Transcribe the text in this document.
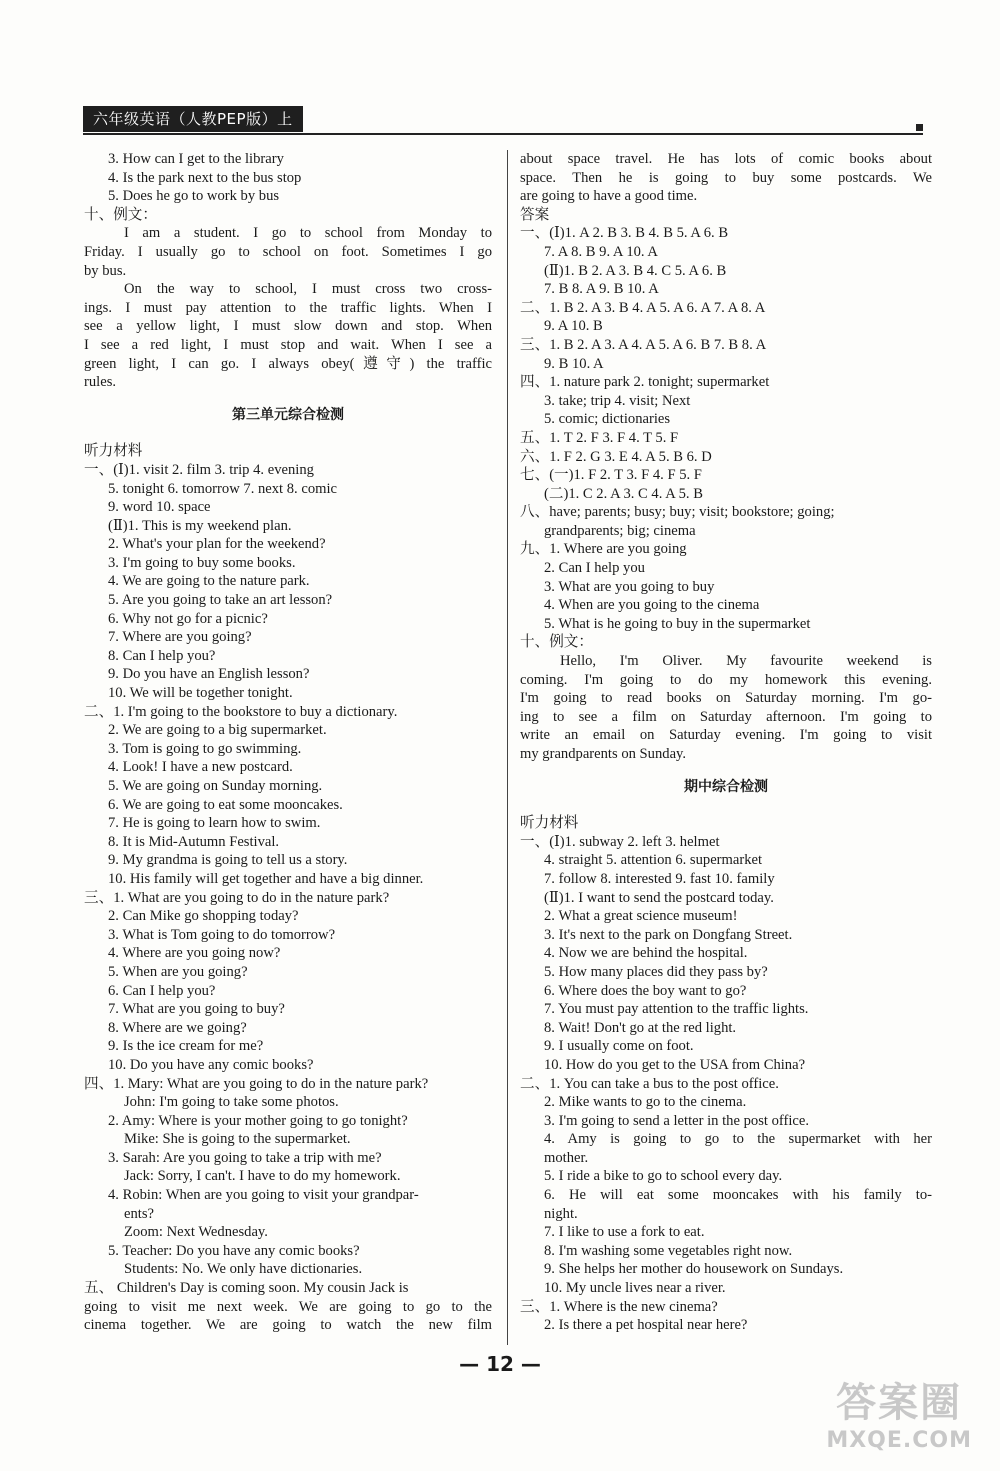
六年级英语（人教PEP版）上
3. How can I get to the library
4. Is the park next to the bus stop
5. Does he go to work by bus
十、例文：
I am a student. I go to school from Monday to
Friday. I usually go to school on foot. Sometimes I go
by bus.
On the way to school, I must cross two cross-
ings. I must pay attention to the traffic lights. When I
see a yellow light, I must slow down and stop. When
I see a red light, I must stop and wait. When I see a
green light, I can go. I always obey(遵守) the traffic
rules.
第三单元综合检测
听力材料
一、(Ⅰ)1. visit 2. film 3. trip 4. evening
5. tonight 6. tomorrow 7. next 8. comic
9. word 10. space
(Ⅱ)1. This is my weekend plan.
2. What's your plan for the weekend?
3. I'm going to buy some books.
4. We are going to the nature park.
5. Are you going to take an art lesson?
6. Why not go for a picnic?
7. Where are you going?
8. Can I help you?
9. Do you have an English lesson?
10. We will be together tonight.
二、1. I'm going to the bookstore to buy a dictionary.
2. We are going to a big supermarket.
3. Tom is going to go swimming.
4. Look! I have a new postcard.
5. We are going on Sunday morning.
6. We are going to eat some mooncakes.
7. He is going to learn how to swim.
8. It is Mid-Autumn Festival.
9. My grandma is going to tell us a story.
10. His family will get together and have a big dinner.
三、1. What are you going to do in the nature park?
2. Can Mike go shopping today?
3. What is Tom going to do tomorrow?
4. Where are you going now?
5. When are you going?
6. Can I help you?
7. What are you going to buy?
8. Where are we going?
9. Is the ice cream for me?
10. Do you have any comic books?
四、1. Mary: What are you going to do in the nature park?
John: I'm going to take some photos.
2. Amy: Where is your mother going to go tonight?
Mike: She is going to the supermarket.
3. Sarah: Are you going to take a trip with me?
Jack: Sorry, I can't. I have to do my homework.
4. Robin: When are you going to visit your grandpar-
ents?
Zoom: Next Wednesday.
5. Teacher: Do you have any comic books?
Students: No. We only have dictionaries.
五、 Children's Day is coming soon. My cousin Jack is
going to visit me next week. We are going to go to the
cinema together. We are going to watch the new film
about space travel. He has lots of comic books about
space. Then he is going to buy some postcards. We
are going to have a good time.
答案
一、(Ⅰ)1. A 2. B 3. B 4. B 5. A 6. B
7. A 8. B 9. A 10. A
(Ⅱ)1. B 2. A 3. B 4. C 5. A 6. B
7. B 8. A 9. B 10. A
二、1. B 2. A 3. B 4. A 5. A 6. A 7. A 8. A
9. A 10. B
三、1. B 2. A 3. A 4. A 5. A 6. B 7. B 8. A
9. B 10. A
四、1. nature park 2. tonight; supermarket
3. take; trip 4. visit; Next
5. comic; dictionaries
五、1. T 2. F 3. F 4. T 5. F
六、1. F 2. G 3. E 4. A 5. B 6. D
七、(一)1. F 2. T 3. F 4. F 5. F
(二)1. C 2. A 3. C 4. A 5. B
八、have; parents; busy; buy; visit; bookstore; going;
grandparents; big; cinema
九、1. Where are you going
2. Can I help you
3. What are you going to buy
4. When are you going to the cinema
5. What is he going to buy in the supermarket
十、例文：
Hello, I'm Oliver. My favourite weekend is
coming. I'm going to do my homework this evening.
I'm going to read books on Saturday morning. I'm go-
ing to see a film on Saturday afternoon. I'm going to
write an email on Saturday evening. I'm going to visit
my grandparents on Sunday.
期中综合检测
听力材料
一、(Ⅰ)1. subway 2. left 3. helmet
4. straight 5. attention 6. supermarket
7. follow 8. interested 9. fast 10. family
(Ⅱ)1. I want to send the postcard today.
2. What a great science museum!
3. It's next to the park on Dongfang Street.
4. Now we are behind the hospital.
5. How many places did they pass by?
6. Where does the boy want to go?
7. You must pay attention to the traffic lights.
8. Wait! Don't go at the red light.
9. I usually come on foot.
10. How do you get to the USA from China?
二、1. You can take a bus to the post office.
2. Mike wants to go to the cinema.
3. I'm going to send a letter in the post office.
4. Amy is going to go to the supermarket with her
mother.
5. I ride a bike to go to school every day.
6. He will eat some mooncakes with his family to-
night.
7. I like to use a fork to eat.
8. I'm washing some vegetables right now.
9. She helps her mother do housework on Sundays.
10. My uncle lives near a river.
三、1. Where is the new cinema?
2. Is there a pet hospital near here?
— 12 —
答案圈
MXQE.COM
